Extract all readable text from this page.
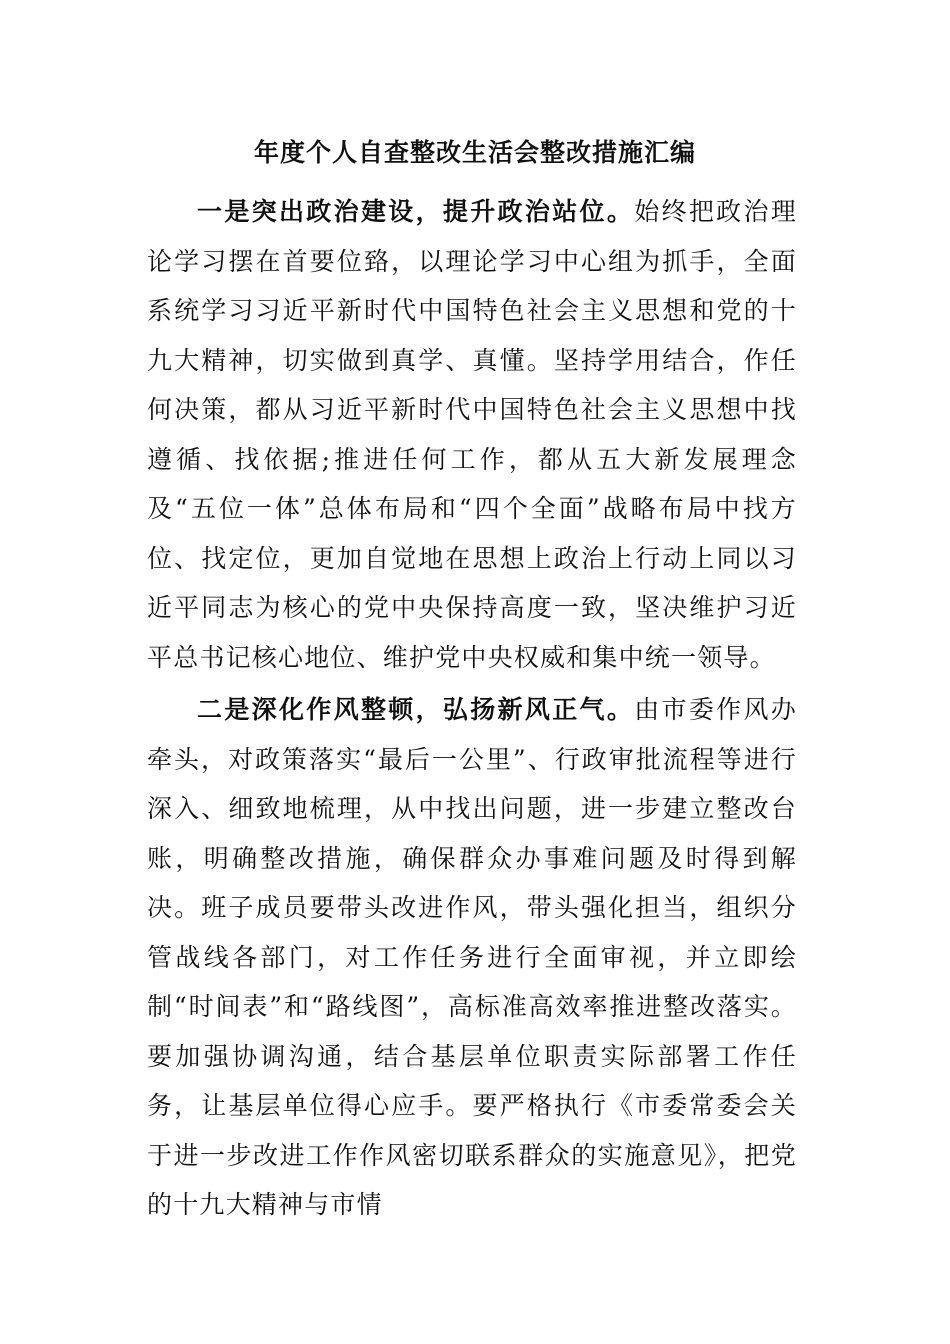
年度个人自查整改生活会整改措施汇编

一是突出政治建设，提升政治站位。始终把政治理论学习摆在首要位臵，以理论学习中心组为抓手，全面系统学习习近平新时代中国特色社会主义思想和党的十九大精神，切实做到真学、真懂。坚持学用结合，作任何决策，都从习近平新时代中国特色社会主义思想中找遵循、找依据;推进任何工作，都从五大新发展理念及“五位一体”总体布局和“四个全面”战略布局中找方位、找定位，更加自觉地在思想上政治上行动上同以习近平同志为核心的党中央保持高度一致，坚决维护习近平总书记核心地位、维护党中央权威和集中统一领导。

二是深化作风整顿，弘扬新风正气。由市委作风办牵头，对政策落实“最后一公里”、行政审批流程等进行深入、细致地梳理，从中找出问题，进一步建立整改台账，明确整改措施，确保群众办事难问题及时得到解决。班子成员要带头改进作风，带头强化担当，组织分管战线各部门，对工作任务进行全面审视，并立即绘制“时间表”和“路线图”，高标准高效率推进整改落实。要加强协调沟通，结合基层单位职责实际部署工作任务，让基层单位得心应手。要严格执行《市委常委会关于进一步改进工作作风密切联系群众的实施意见》，把党的十九大精神与市情
